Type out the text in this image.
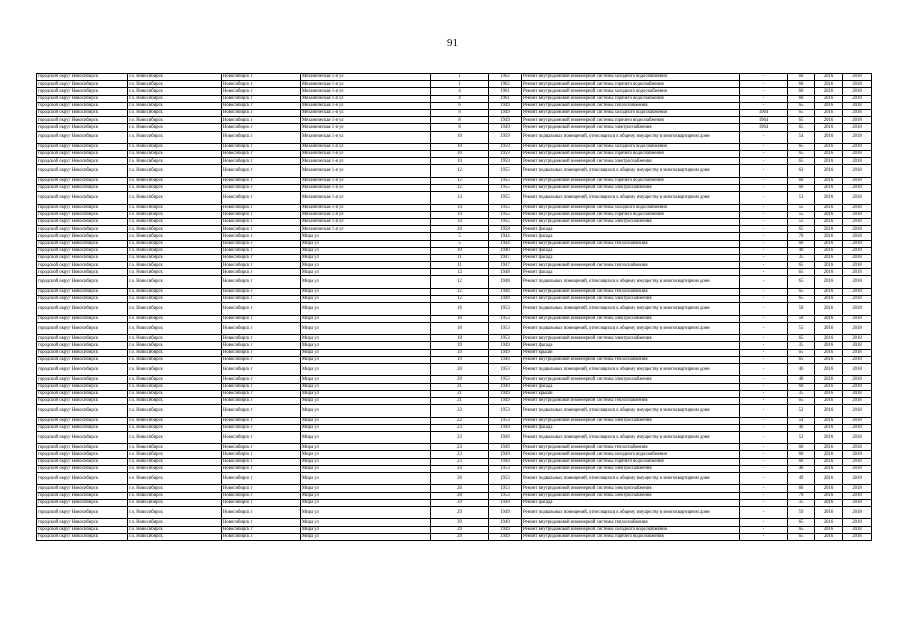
91
городской округ Новосибирск	г.о. Новосибирск	Новосибирск г	Механическая 1-я ул	1	1962	Ремонт внутридомовой инженерной системы холодного водоснабжения	-	60	2016	2018
городской округ Новосибирск	г.о. Новосибирск	Новосибирск г	Механическая 1-я ул	1	1962	Ремонт внутридомовой инженерной системы горячего водоснабжения	-	60	2016	2018
городской округ Новосибирск	г.о. Новосибирск	Новосибирск г	Механическая 1-я ул	4	1961	Ремонт внутридомовой инженерной системы холодного водоснабжения	-	60	2016	2018
городской округ Новосибирск	г.о. Новосибирск	Новосибирск г	Механическая 1-я ул	4	1961	Ремонт внутридомовой инженерной системы горячего водоснабжения	-	60	2016	2018
городской округ Новосибирск	г.о. Новосибирск	Новосибирск г	Механическая 1-я ул	6	1949	Ремонт внутридомовой инженерной системы теплоснабжения	-	65	2016	2018
городской округ Новосибирск	г.о. Новосибирск	Новосибирск г	Механическая 1-я ул	8	1949	Ремонт внутридомовой инженерной системы холодного водоснабжения	1964	65	2016	2018
городской округ Новосибирск	г.о. Новосибирск	Новосибирск г	Механическая 1-я ул	8	1949	Ремонт внутридомовой инженерной системы горячего водоснабжения	1964	65	2016	2018
городской округ Новосибирск	г.о. Новосибирск	Новосибирск г	Механическая 1-я ул	8	1949	Ремонт внутридомовой инженерной системы электроснабжения	1964	65	2016	2018
городской округ Новосибирск	г.о. Новосибирск	Новосибирск г	Механическая 1-я ул	10	1959	Ремонт подвальных помещений, относящихся к общему имуществу в многоквартирном доме	-	54	2016	2018
городской округ Новосибирск	г.о. Новосибирск	Новосибирск г	Механическая 1-я ул	10	1959	Ремонт внутридомовой инженерной системы холодного водоснабжения	-	65	2016	2018
городской округ Новосибирск	г.о. Новосибирск	Новосибирск г	Механическая 1-я ул	10	1959	Ремонт внутридомовой инженерной системы горячего водоснабжения	-	65	2016	2018
городской округ Новосибирск	г.о. Новосибирск	Новосибирск г	Механическая 1-я ул	10	1959	Ремонт внутридомовой инженерной системы электроснабжения	-	65	2016	2018
городской округ Новосибирск	г.о. Новосибирск	Новосибирск г	Механическая 1-я ул	12	1955	Ремонт подвальных помещений, относящихся к общему имуществу в многоквартирном доме	-	63	2016	2018
городской округ Новосибирск	г.о. Новосибирск	Новосибирск г	Механическая 1-я ул	12	1955	Ремонт внутридомовой инженерной системы горячего водоснабжения	-	60	2016	2018
городской округ Новосибирск	г.о. Новосибирск	Новосибирск г	Механическая 1-я ул	12	1955	Ремонт внутридомовой инженерной системы электроснабжения	-	60	2016	2018
городской округ Новосибирск	г.о. Новосибирск	Новосибирск г	Механическая 1-я ул	14	1955	Ремонт подвальных помещений, относящихся к общему имуществу в многоквартирном доме	-	51	2016	2018
городской округ Новосибирск	г.о. Новосибирск	Новосибирск г	Механическая 1-я ул	14	1955	Ремонт внутридомовой инженерной системы холодного водоснабжения	-	55	2016	2018
городской округ Новосибирск	г.о. Новосибирск	Новосибирск г	Механическая 1-я ул	14	1955	Ремонт внутридомовой инженерной системы горячего водоснабжения	-	55	2016	2018
городской округ Новосибирск	г.о. Новосибирск	Новосибирск г	Механическая 1-я ул	14	1955	Ремонт внутридомовой инженерной системы электроснабжения	-	55	2016	2018
городской округ Новосибирск	г.о. Новосибирск	Новосибирск г	Механическая 1-я ул	20	1958	Ремонт фасада	-	65	2016	2018
городской округ Новосибирск	г.о. Новосибирск	Новосибирск г	Мира ул	5	1944	Ремонт фасада	-	70	2016	2018
городской округ Новосибирск	г.о. Новосибирск	Новосибирск г	Мира ул	5	1944	Ремонт внутридомовой инженерной системы теплоснабжения	-	60	2016	2018
городской округ Новосибирск	г.о. Новосибирск	Новосибирск г	Мира ул	10	1940	Ремонт фасада	-	40	2016	2018
городской округ Новосибирск	г.о. Новосибирск	Новосибирск г	Мира ул	11	1947	Ремонт фасада	-	35	2016	2018
городской округ Новосибирск	г.о. Новосибирск	Новосибирск г	Мира ул	11	1947	Ремонт внутридомовой инженерной системы теплоснабжения	-	65	2016	2018
городской округ Новосибирск	г.о. Новосибирск	Новосибирск г	Мира ул	12	1948	Ремонт фасада	-	65	2016	2018
городской округ Новосибирск	г.о. Новосибирск	Новосибирск г	Мира ул	12	1948	Ремонт подвальных помещений, относящихся к общему имуществу в многоквартирном доме	-	65	2016	2018
городской округ Новосибирск	г.о. Новосибирск	Новосибирск г	Мира ул	12	1948	Ремонт внутридомовой инженерной системы теплоснабжения	-	65	2016	2018
городской округ Новосибирск	г.о. Новосибирск	Новосибирск г	Мира ул	12	1948	Ремонт внутридомовой инженерной системы электроснабжения	-	65	2016	2018
городской округ Новосибирск	г.о. Новосибирск	Новосибирск г	Мира ул	16	1953	Ремонт подвальных помещений, относящихся к общему имуществу в многоквартирном доме	-	50	2016	2018
городской округ Новосибирск	г.о. Новосибирск	Новосибирск г	Мира ул	16	1953	Ремонт внутридомовой инженерной системы электроснабжения	-	50	2016	2018
городской округ Новосибирск	г.о. Новосибирск	Новосибирск г	Мира ул	18	1953	Ремонт подвальных помещений, относящихся к общему имуществу в многоквартирном доме	-	55	2016	2018
городской округ Новосибирск	г.о. Новосибирск	Новосибирск г	Мира ул	18	1953	Ремонт внутридомовой инженерной системы электроснабжения	-	65	2016	2018
городской округ Новосибирск	г.о. Новосибирск	Новосибирск г	Мира ул	19	1949	Ремонт фасада	-	35	2016	2018
городской округ Новосибирск	г.о. Новосибирск	Новосибирск г	Мира ул	19	1949	Ремонт крыши	-	65	2016	2018
городской округ Новосибирск	г.о. Новосибирск	Новосибирск г	Мира ул	19	1949	Ремонт внутридомовой инженерной системы теплоснабжения	-	65	2016	2018
городской округ Новосибирск	г.о. Новосибирск	Новосибирск г	Мира ул	20	1953	Ремонт подвальных помещений, относящихся к общему имуществу в многоквартирном доме	-	46	2016	2018
городской округ Новосибирск	г.о. Новосибирск	Новосибирск г	Мира ул	20	1953	Ремонт внутридомовой инженерной системы электроснабжения	-	48	2016	2018
городской округ Новосибирск	г.о. Новосибирск	Новосибирск г	Мира ул	21	1949	Ремонт фасада	-	60	2016	2018
городской округ Новосибирск	г.о. Новосибирск	Новосибирск г	Мира ул	21	1949	Ремонт крыши	-	35	2016	2018
городской округ Новосибирск	г.о. Новосибирск	Новосибирск г	Мира ул	21	1949	Ремонт внутридомовой инженерной системы теплоснабжения	-	65	2016	2018
городской округ Новосибирск	г.о. Новосибирск	Новосибирск г	Мира ул	22	1953	Ремонт подвальных помещений, относящихся к общему имуществу в многоквартирном доме	-	52	2016	2018
городской округ Новосибирск	г.о. Новосибирск	Новосибирск г	Мира ул	22	1953	Ремонт внутридомовой инженерной системы электроснабжения	-	54	2016	2018
городской округ Новосибирск	г.о. Новосибирск	Новосибирск г	Мира ул	23	1949	Ремонт фасада	-	40	2016	2018
городской округ Новосибирск	г.о. Новосибирск	Новосибирск г	Мира ул	23	1949	Ремонт подвальных помещений, относящихся к общему имуществу в многоквартирном доме	-	52	2016	2018
городской округ Новосибирск	г.о. Новосибирск	Новосибирск г	Мира ул	23	1949	Ремонт внутридомовой инженерной системы теплоснабжения	-	60	2016	2018
городской округ Новосибирск	г.о. Новосибирск	Новосибирск г	Мира ул	23	1949	Ремонт внутридомовой инженерной системы холодного водоснабжения	-	60	2016	2018
городской округ Новосибирск	г.о. Новосибирск	Новосибирск г	Мира ул	23	1949	Ремонт внутридомовой инженерной системы горячего водоснабжения	-	60	2016	2018
городской округ Новосибирск	г.о. Новосибирск	Новосибирск г	Мира ул	24	1953	Ремонт внутридомовой инженерной системы электроснабжения	-	40	2016	2018
городской округ Новосибирск	г.о. Новосибирск	Новосибирск г	Мира ул	26	1953	Ремонт подвальных помещений, относящихся к общему имуществу в многоквартирном доме	-	49	2016	2018
городской округ Новосибирск	г.о. Новосибирск	Новосибирск г	Мира ул	26	1953	Ремонт внутридомовой инженерной системы электроснабжения	-	60	2016	2018
городской округ Новосибирск	г.о. Новосибирск	Новосибирск г	Мира ул	28	1953	Ремонт внутридомовой инженерной системы электроснабжения	-	70	2016	2018
городской округ Новосибирск	г.о. Новосибирск	Новосибирск г	Мира ул	29	1949	Ремонт фасада	-	35	2016	2018
городской округ Новосибирск	г.о. Новосибирск	Новосибирск г	Мира ул	29	1949	Ремонт подвальных помещений, относящихся к общему имуществу в многоквартирном доме	-	59	2016	2018
городской округ Новосибирск	г.о. Новосибирск	Новосибирск г	Мира ул	29	1949	Ремонт внутридомовой инженерной системы теплоснабжения	-	65	2016	2018
городской округ Новосибирск	г.о. Новосибирск	Новосибирск г	Мира ул	29	1949	Ремонт внутридомовой инженерной системы холодного водоснабжения	-	65	2016	2018
городской округ Новосибирск	г.о. Новосибирск	Новосибирск г	Мира ул	29	1949	Ремонт внутридомовой инженерной системы горячего водоснабжения	-	65	2016	2018
